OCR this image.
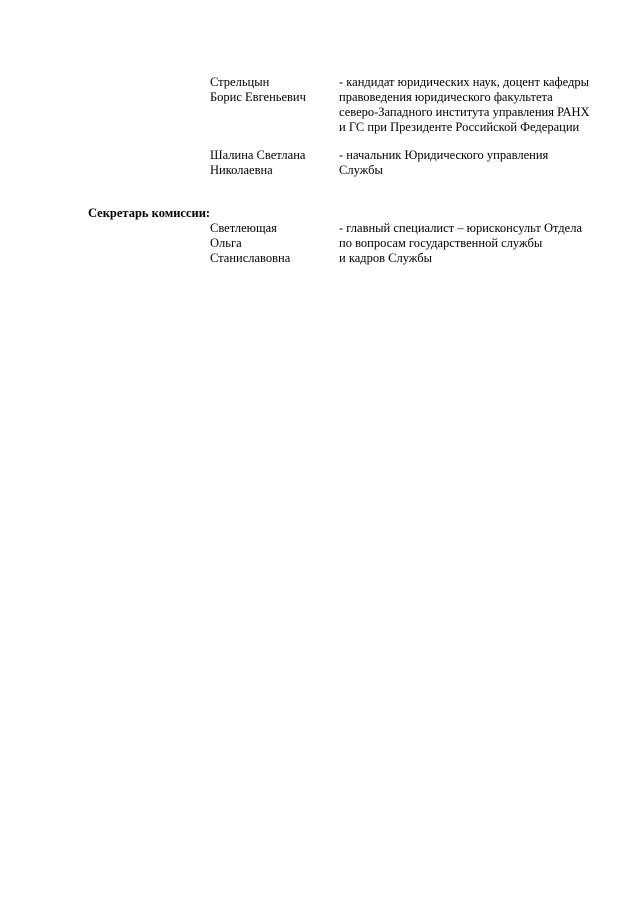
Стрельцын
Борис Евгеньевич
- кандидат юридических наук, доцент кафедры
правоведения юридического факультета
северо-Западного института управления РАНХ
и ГС при Президенте Российской Федерации
Шалина Светлана
Николаевна
- начальник Юридического управления
Службы
Секретарь комиссии:
Светлеющая
Ольга
Станиславовна
- главный специалист – юрисконсульт Отдела
по вопросам государственной службы
и кадров Службы
